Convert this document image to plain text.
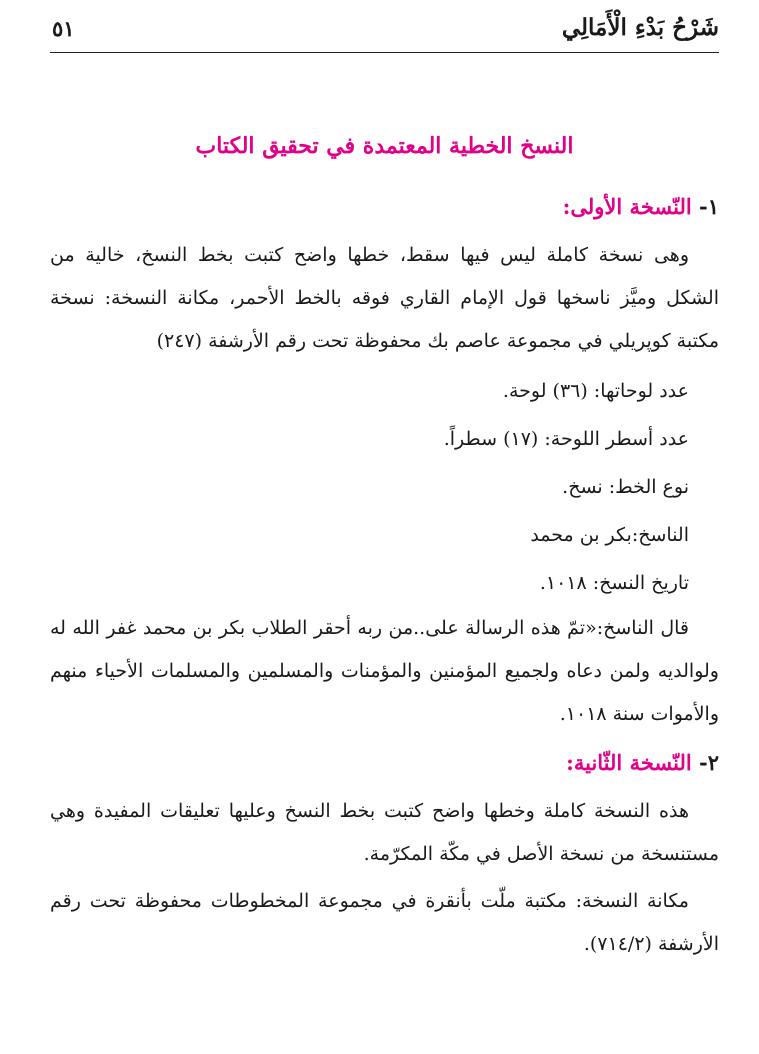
شَرْحُ بَدْءِ الْأَمَالِي
٥١
النسخ الخطية المعتمدة في تحقيق الكتاب
١- النّسخة الأولى:

وهى نسخة كاملة ليس فيها سقط، خطها واضح كتبت بخط النسخ، خالية من الشكل وميَّز ناسخها قول الإمام القاري فوقه بالخط الأحمر، مكانة النسخة: نسخة مكتبة كوپريلي في مجموعة عاصم بك محفوظة تحت رقم الأرشفة (٢٤٧)

عدد لوحاتها: (٣٦) لوحة.
عدد أسطر اللوحة: (١٧) سطراً.
نوع الخط: نسخ.
الناسخ:بكر بن محمد
تاريخ النسخ: ١٠١٨.

قال الناسخ:«تمّ هذه الرسالة على..من ربه أحقر الطلاب بكر بن محمد غفر الله له ولوالديه ولمن دعاه ولجميع المؤمنين والمؤمنات والمسلمين والمسلمات الأحياء منهم والأموات سنة ١٠١٨.

٢- النّسخة الثّانية:

هذه النسخة كاملة وخطها واضح كتبت بخط النسخ وعليها تعليقات المفيدة وهي مستنسخة من نسخة الأصل في مكّة المكرّمة.

مكانة النسخة: مكتبة ملّت بأنقرة في مجموعة المخطوطات محفوظة تحت رقم الأرشفة (٧١٤/٢).
